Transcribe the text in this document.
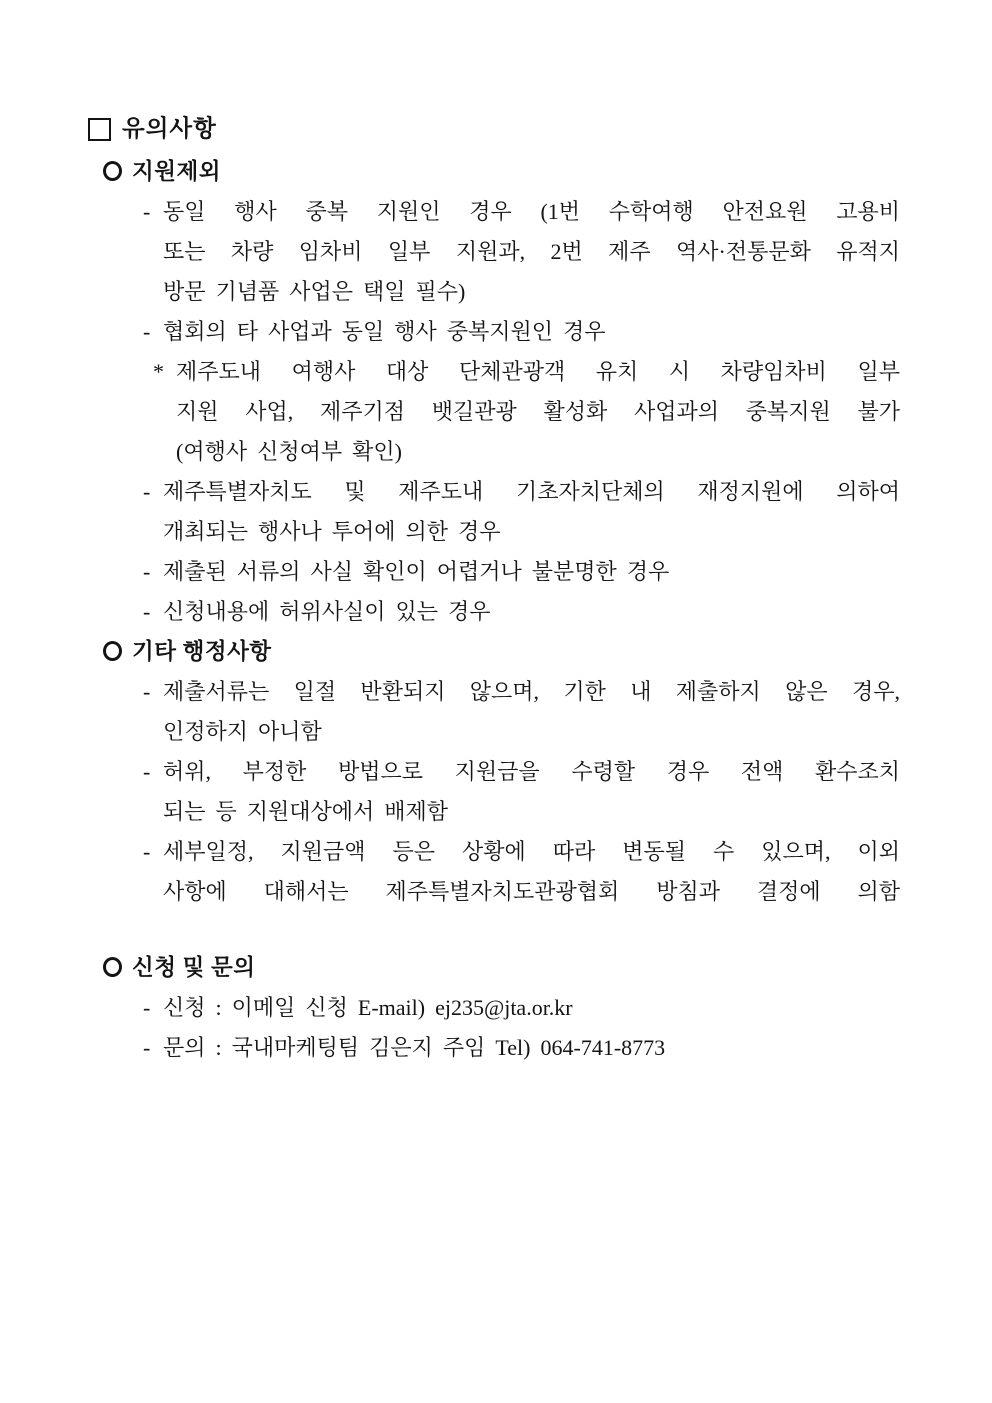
유의사항
지원제외
- 동일 행사 중복 지원인 경우 (1번 수학여행 안전요원 고용비
또는 차량 임차비 일부 지원과, 2번 제주 역사·전통문화 유적지
방문 기념품 사업은 택일 필수)
- 협회의 타 사업과 동일 행사 중복지원인 경우
* 제주도내 여행사 대상 단체관광객 유치 시 차량임차비 일부
지원 사업, 제주기점 뱃길관광 활성화 사업과의 중복지원 불가
(여행사 신청여부 확인)
- 제주특별자치도 및 제주도내 기초자치단체의 재정지원에 의하여
개최되는 행사나 투어에 의한 경우
- 제출된 서류의 사실 확인이 어렵거나 불분명한 경우
- 신청내용에 허위사실이 있는 경우
기타 행정사항
- 제출서류는 일절 반환되지 않으며, 기한 내 제출하지 않은 경우,
인정하지 아니함
- 허위, 부정한 방법으로 지원금을 수령할 경우 전액 환수조치
되는 등 지원대상에서 배제함
- 세부일정, 지원금액 등은 상황에 따라 변동될 수 있으며, 이외
사항에 대해서는 제주특별자치도관광협회 방침과 결정에 의함
신청 및 문의
- 신청 : 이메일 신청 E-mail) ej235@jta.or.kr
- 문의 : 국내마케팅팀 김은지 주임 Tel) 064-741-8773
